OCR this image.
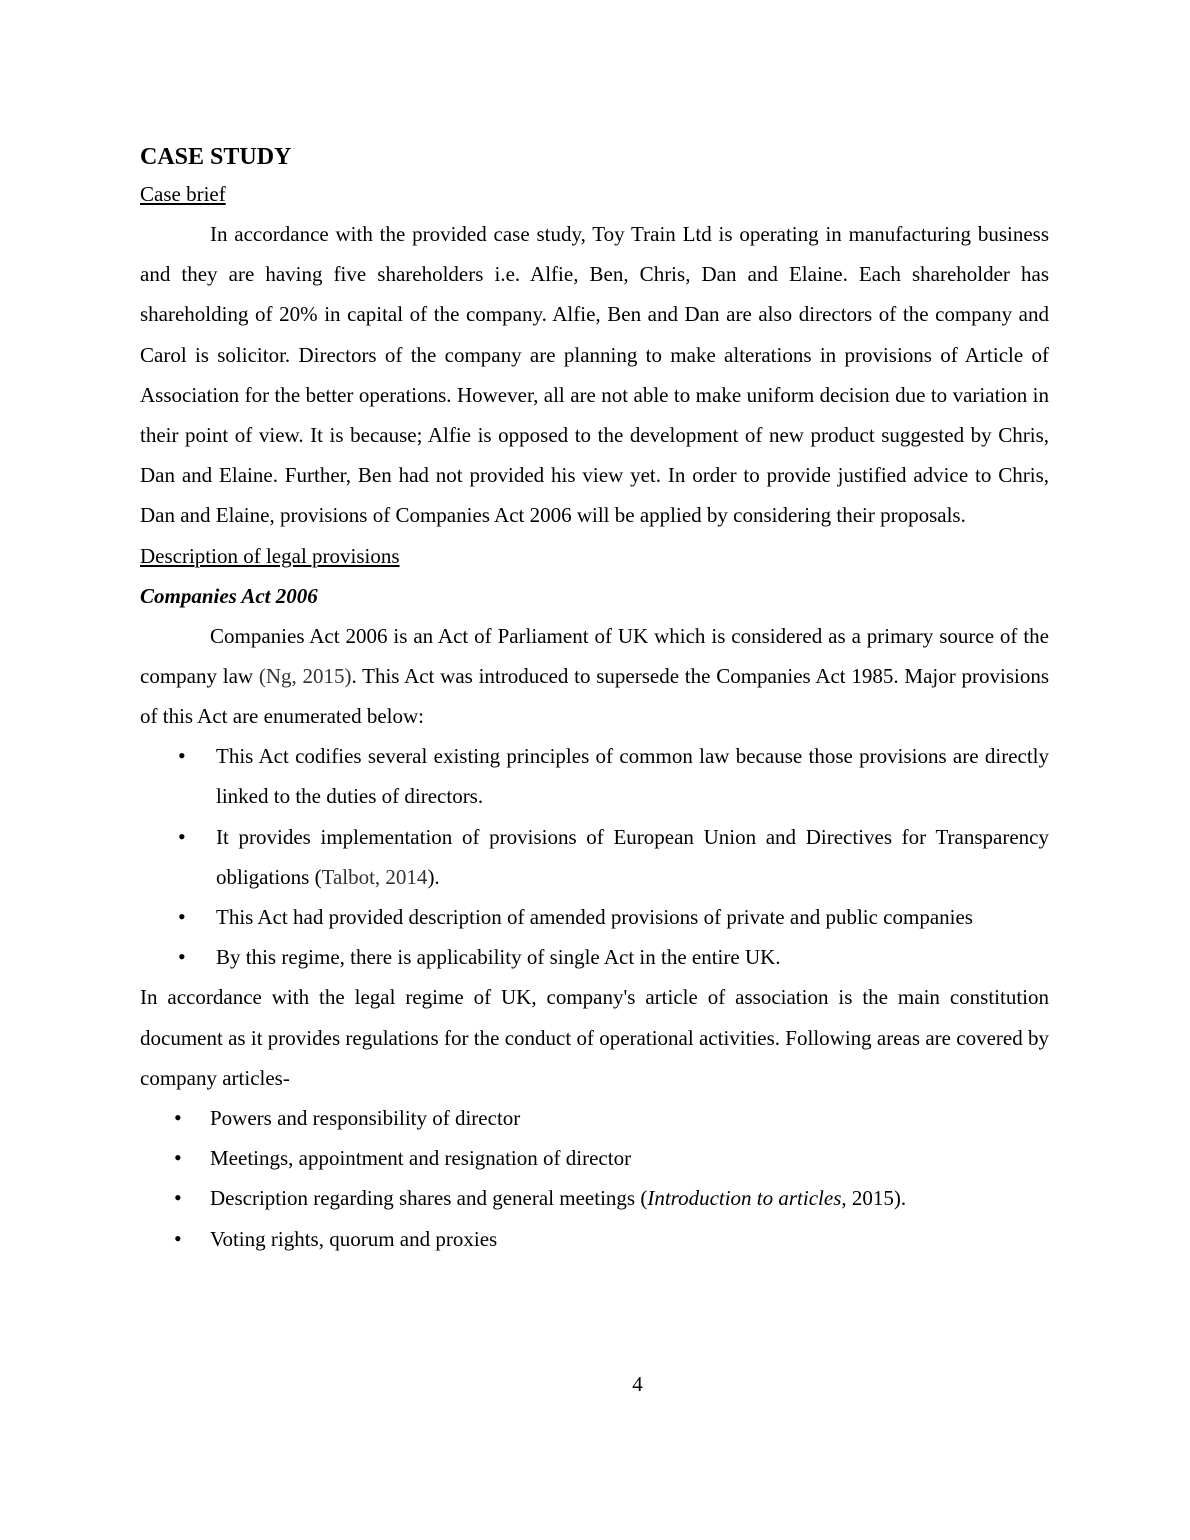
CASE STUDY
Case brief

In accordance with the provided case study, Toy Train Ltd is operating in manufacturing business and they are having five shareholders i.e. Alfie, Ben, Chris, Dan and Elaine. Each shareholder has shareholding of 20% in capital of the company. Alfie, Ben and Dan are also directors of the company and Carol is solicitor. Directors of the company are planning to make alterations in provisions of Article of Association for the better operations. However, all are not able to make uniform decision due to variation in their point of view. It is because; Alfie is opposed to the development of new product suggested by Chris, Dan and Elaine. Further, Ben had not provided his view yet. In order to provide justified advice to Chris, Dan and Elaine, provisions of Companies Act 2006 will be applied by considering their proposals.

Description of legal provisions
Companies Act 2006

Companies Act 2006 is an Act of Parliament of UK which is considered as a primary source of the company law (Ng, 2015). This Act was introduced to supersede the Companies Act 1985. Major provisions of this Act are enumerated below:

• This Act codifies several existing principles of common law because those provisions are directly linked to the duties of directors.
• It provides implementation of provisions of European Union and Directives for Transparency obligations (Talbot, 2014).
• This Act had provided description of amended provisions of private and public companies
• By this regime, there is applicability of single Act in the entire UK.

In accordance with the legal regime of UK, company's article of association is the main constitution document as it provides regulations for the conduct of operational activities. Following areas are covered by company articles-

• Powers and responsibility of director
• Meetings, appointment and resignation of director
• Description regarding shares and general meetings (Introduction to articles, 2015).
• Voting rights, quorum and proxies
4
